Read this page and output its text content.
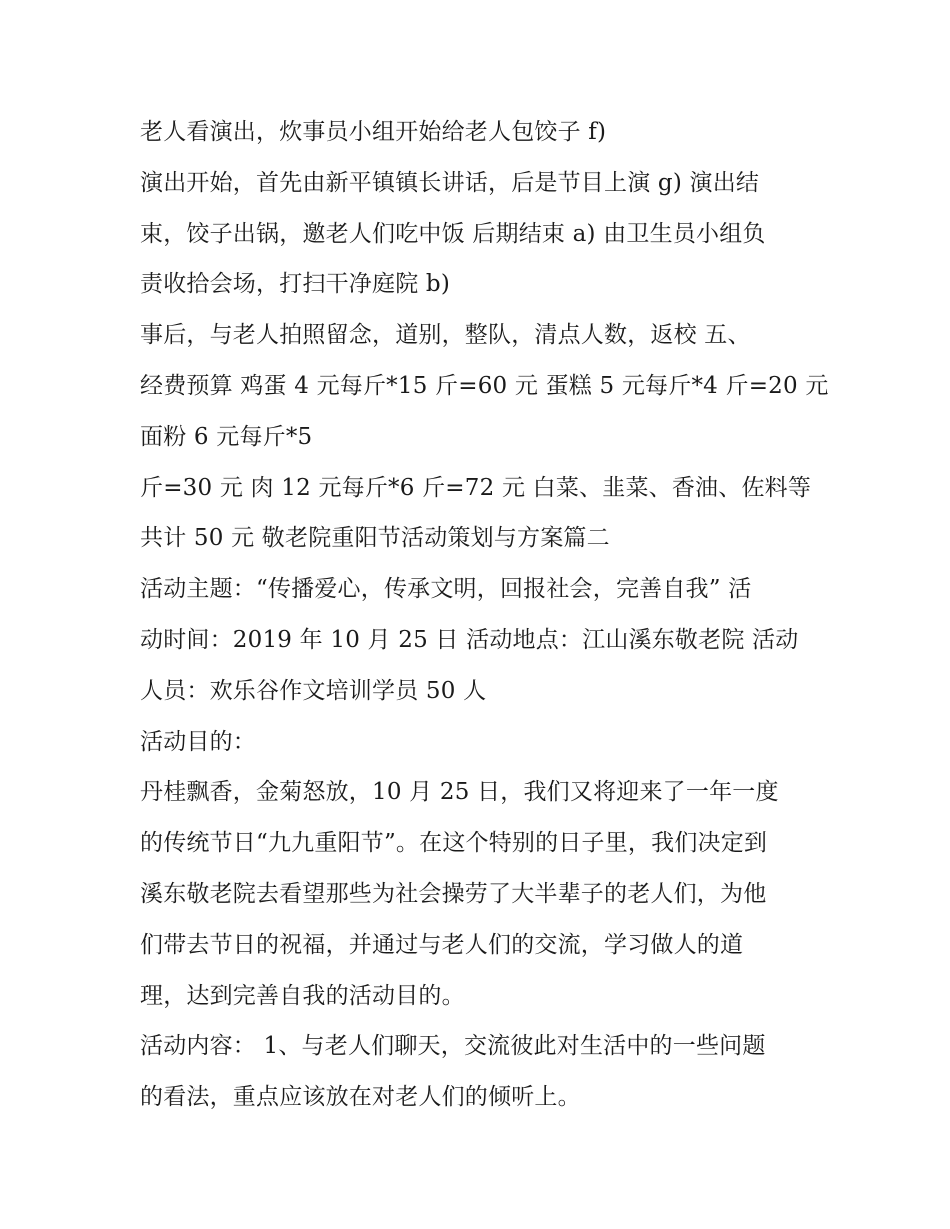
老人看演出，炊事员小组开始给老人包饺子 f)
演出开始，首先由新平镇镇长讲话，后是节目上演 g) 演出结
束，饺子出锅，邀老人们吃中饭 后期结束 a) 由卫生员小组负
责收拾会场，打扫干净庭院 b)
事后，与老人拍照留念，道别，整队，清点人数，返校 五、
经费预算 鸡蛋 4 元每斤*15 斤=60 元 蛋糕 5 元每斤*4 斤=20 元
面粉 6 元每斤*5
斤=30 元 肉 12 元每斤*6 斤=72 元 白菜、韭菜、香油、佐料等
共计 50 元 敬老院重阳节活动策划与方案篇二
活动主题：“传播爱心，传承文明，回报社会，完善自我” 活
动时间：2019 年 10 月 25 日 活动地点：江山溪东敬老院 活动
人员：欢乐谷作文培训学员 50 人
活动目的：
丹桂飘香，金菊怒放，10 月 25 日，我们又将迎来了一年一度
的传统节日“九九重阳节”。在这个特别的日子里，我们决定到
溪东敬老院去看望那些为社会操劳了大半辈子的老人们，为他
们带去节日的祝福，并通过与老人们的交流，学习做人的道
理，达到完善自我的活动目的。
活动内容： 1、与老人们聊天，交流彼此对生活中的一些问题
的看法，重点应该放在对老人们的倾听上。
